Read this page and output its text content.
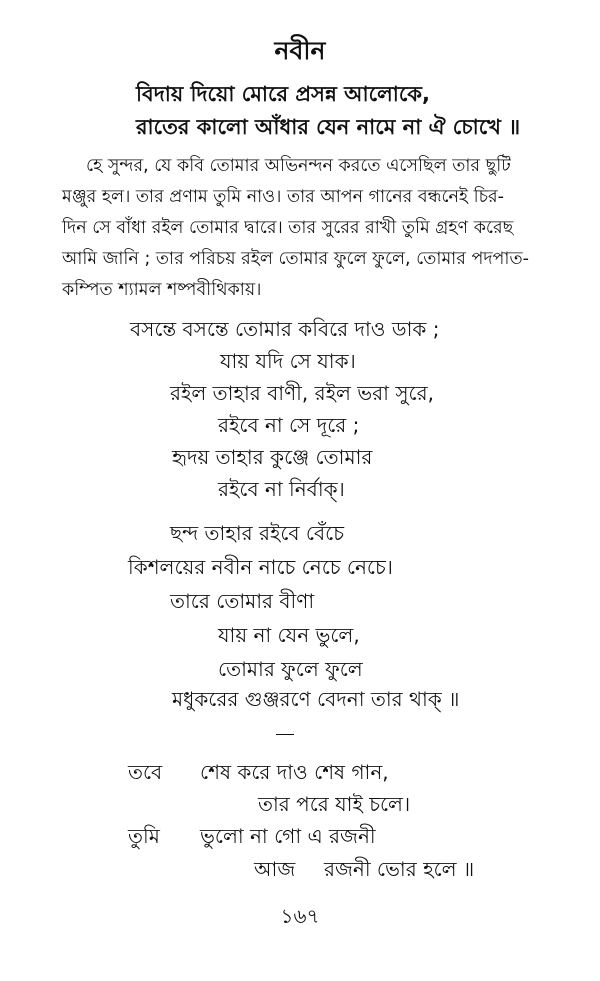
নবীন
বিদায় দিয়ো মোরে প্রসন্ন আলোকে,
রাতের কালো আঁধার যেন নামে না ঐ চোখে ॥
হে সুন্দর, যে কবি তোমার অভিনন্দন করতে এসেছিল তার ছুটি
মঞ্জুর হল। তার প্রণাম তুমি নাও। তার আপন গানের বন্ধনেই চির-
দিন সে বাঁধা রইল তোমার দ্বারে। তার সুরের রাখী তুমি গ্রহণ করেছ
আমি জানি ; তার পরিচয় রইল তোমার ফুলে ফুলে, তোমার পদপাত-
কম্পিত শ্যামল শষ্পবীথিকায়।
বসন্তে বসন্তে তোমার কবিরে দাও ডাক ;
যায় যদি সে যাক।
রইল তাহার বাণী, রইল ভরা সুরে,
রইবে না সে দূরে ;
হৃদয় তাহার কুঞ্জে তোমার
রইবে না নির্বাক্‌।
ছন্দ তাহার রইবে বেঁচে
কিশলয়ের নবীন নাচে নেচে নেচে।
তারে তোমার বীণা
যায় না যেন ভুলে,
তোমার ফুলে ফুলে
মধুকরের গুঞ্জরণে বেদনা তার থাক্‌ ॥
তবে শেষ করে দাও শেষ গান,
তার পরে যাই চলে।
তুমি ভুলো না গো এ রজনী
আজ রজনী ভোর হলে ॥
১৬৭
